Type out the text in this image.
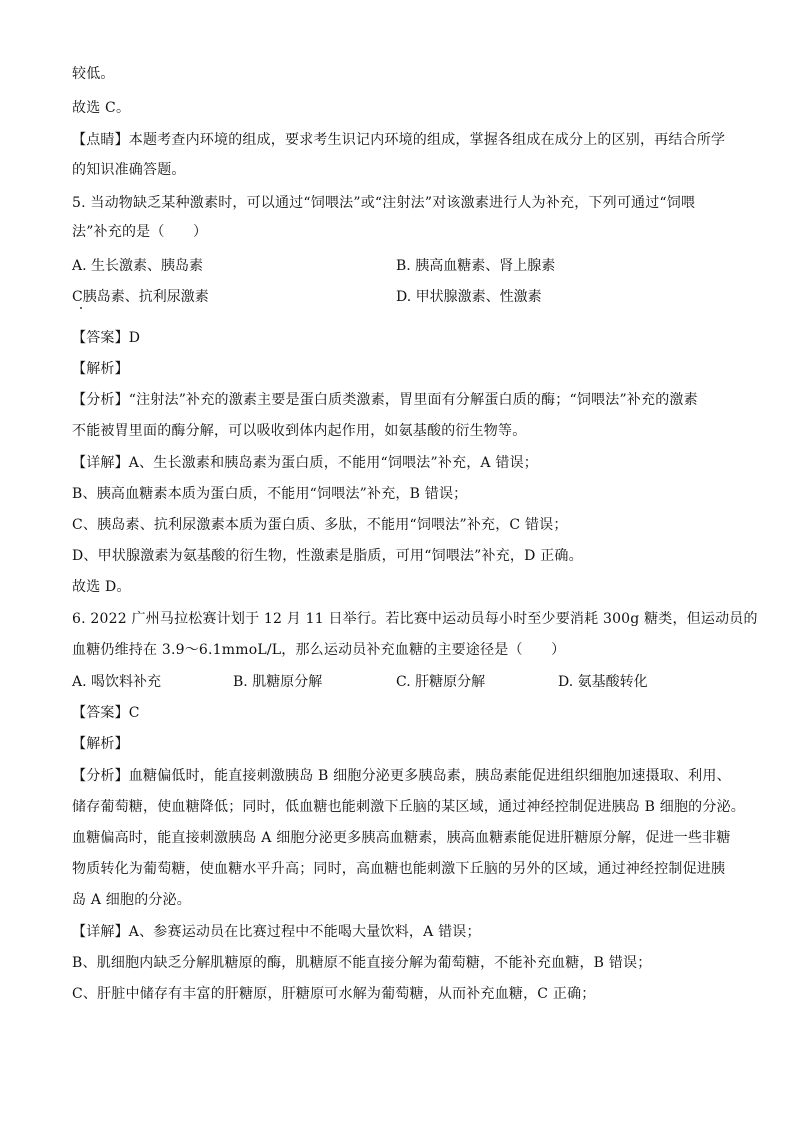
较低。
故选 C。
【点睛】本题考查内环境的组成，要求考生识记内环境的组成，掌握各组成在成分上的区别，再结合所学
的知识准确答题。
5. 当动物缺乏某种激素时，可以通过“饲喂法”或“注射法”对该激素进行人为补充，下列可通过“饲喂
法”补充的是（　　）
A. 生长激素、胰岛素	B. 胰高血糖素、肾上腺素
C胰岛素、抗利尿激素	D. 甲状腺激素、性激素
【答案】D
【解析】
【分析】“注射法”补充的激素主要是蛋白质类激素，胃里面有分解蛋白质的酶；“饲喂法”补充的激素
不能被胃里面的酶分解，可以吸收到体内起作用，如氨基酸的衍生物等。
【详解】A、生长激素和胰岛素为蛋白质，不能用“饲喂法”补充，A 错误；
B、胰高血糖素本质为蛋白质，不能用“饲喂法”补充，B 错误；
C、胰岛素、抗利尿激素本质为蛋白质、多肽，不能用“饲喂法”补充，C 错误；
D、甲状腺激素为氨基酸的衍生物，性激素是脂质，可用“饲喂法”补充，D 正确。
故选 D。
6. 2022 广州马拉松赛计划于 12 月 11 日举行。若比赛中运动员每小时至少要消耗 300g 糖类，但运动员的
血糖仍维持在 3.9～6.1mmoL/L，那么运动员补充血糖的主要途径是（　　）
A. 喝饮料补充	B. 肌糖原分解	C. 肝糖原分解	D. 氨基酸转化
【答案】C
【解析】
【分析】血糖偏低时，能直接刺激胰岛 B 细胞分泌更多胰岛素，胰岛素能促进组织细胞加速摄取、利用、
储存葡萄糖，使血糖降低；同时，低血糖也能刺激下丘脑的某区域，通过神经控制促进胰岛 B 细胞的分泌。
血糖偏高时，能直接刺激胰岛 A 细胞分泌更多胰高血糖素，胰高血糖素能促进肝糖原分解，促进一些非糖
物质转化为葡萄糖，使血糖水平升高；同时，高血糖也能刺激下丘脑的另外的区域，通过神经控制促进胰
岛 A 细胞的分泌。
【详解】A、参赛运动员在比赛过程中不能喝大量饮料，A 错误；
B、肌细胞内缺乏分解肌糖原的酶，肌糖原不能直接分解为葡萄糖，不能补充血糖，B 错误；
C、肝脏中储存有丰富的肝糖原，肝糖原可水解为葡萄糖，从而补充血糖，C 正确；
